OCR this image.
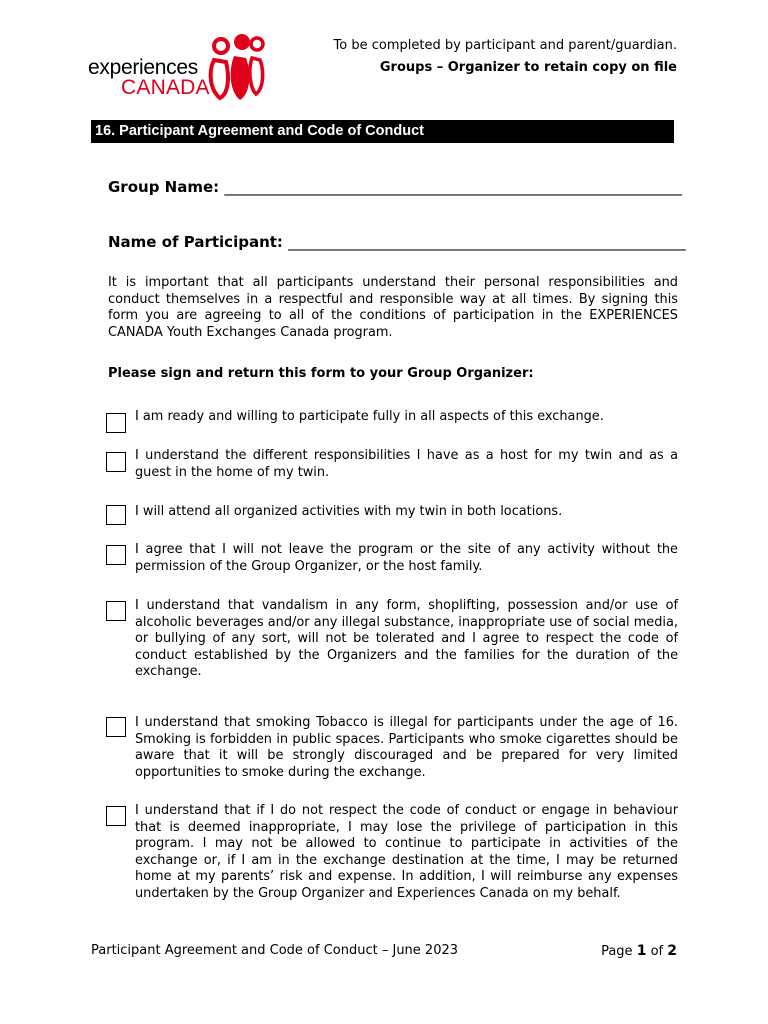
experiences
CANADA
To be completed by participant and parent/guardian.
Groups – Organizer to retain copy on file
16. Participant Agreement and Code of Conduct
Group Name: _____________________________________________________________
Name of Participant: _____________________________________________________
It is important that all participants understand their personal responsibilities and conduct themselves in a respectful and responsible way at all times. By signing this form you are agreeing to all of the conditions of participation in the EXPERIENCES CANADA Youth Exchanges Canada program.
Please sign and return this form to your Group Organizer:
I am ready and willing to participate fully in all aspects of this exchange.
I understand the different responsibilities I have as a host for my twin and as a guest in the home of my twin.
I will attend all organized activities with my twin in both locations.
I agree that I will not leave the program or the site of any activity without the permission of the Group Organizer, or the host family.
I understand that vandalism in any form, shoplifting, possession and/or use of alcoholic beverages and/or any illegal substance, inappropriate use of social media, or bullying of any sort, will not be tolerated and I agree to respect the code of conduct established by the Organizers and the families for the duration of the exchange.
I understand that smoking Tobacco is illegal for participants under the age of 16. Smoking is forbidden in public spaces. Participants who smoke cigarettes should be aware that it will be strongly discouraged and be prepared for very limited opportunities to smoke during the exchange.
I understand that if I do not respect the code of conduct or engage in behaviour that is deemed inappropriate, I may lose the privilege of participation in this program. I may not be allowed to continue to participate in activities of the exchange or, if I am in the exchange destination at the time, I may be returned home at my parents’ risk and expense. In addition, I will reimburse any expenses undertaken by the Group Organizer and Experiences Canada on my behalf.
Participant Agreement and Code of Conduct – June 2023	Page 1 of 2
